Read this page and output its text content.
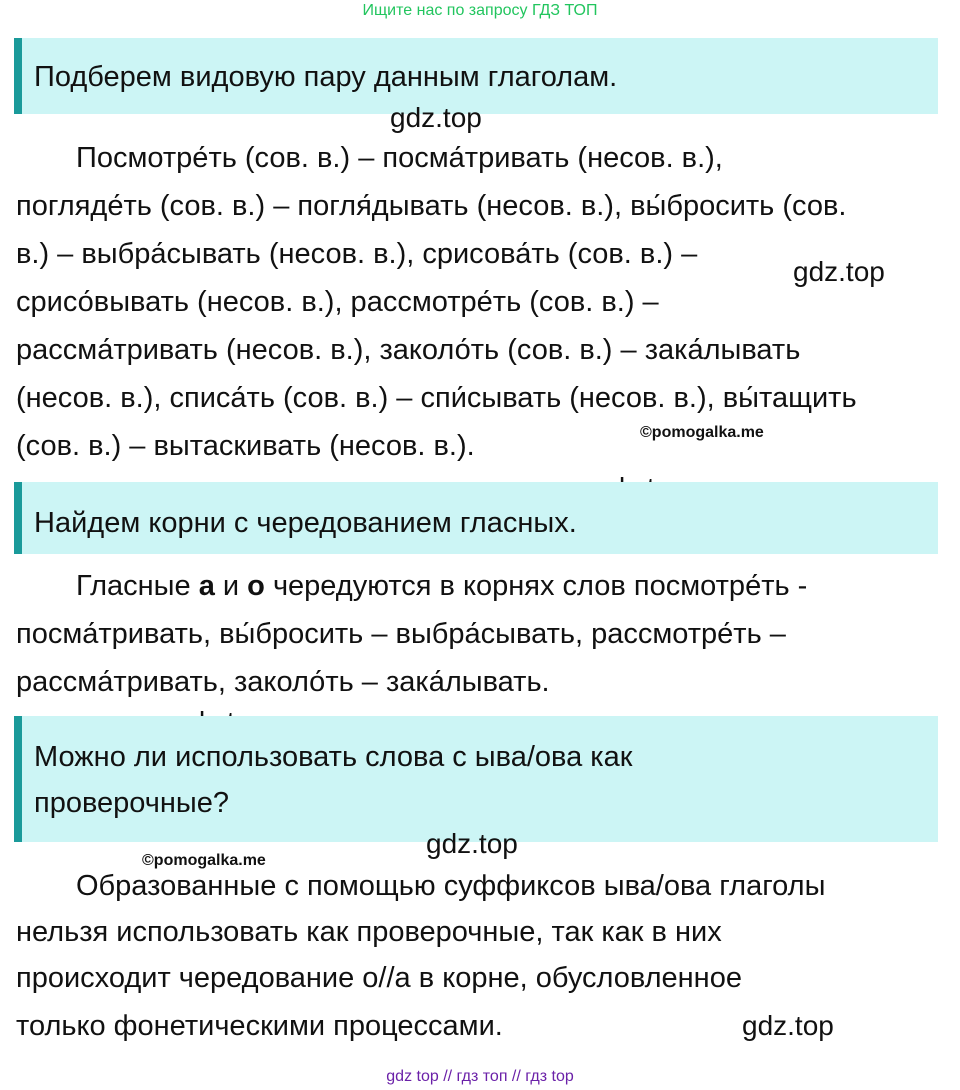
Ищите нас по запросу ГДЗ ТОП
Подберем видовую пару данным глаголам.
gdz.top

Посмотре́ть (сов. в.) – посма́тривать (несов. в.),

погляде́ть (сов. в.) – погля́дывать (несов. в.), вы́бросить (сов.

в.) – выбра́сывать (несов. в.), срисова́ть (сов. в.) –

срисо́вывать (несов. в.), рассмотре́ть (сов. в.) –

рассма́тривать (несов. в.), заколо́ть (сов. в.) – зака́лывать

(несов. в.), списа́ть (сов. в.) – спи́сывать (несов. в.), вы́тащить

(сов. в.) – вытаскивать (несов. в.).

gdz.top
©pomogalka.me
Найдем корни с чередованием гласных.

Гласные а и о чередуются в корнях слов посмотре́ть -

посма́тривать, вы́бросить – выбра́сывать, рассмотре́ть –

рассма́тривать, заколо́ть – зака́лывать.

Можно ли использовать слова с ыва/ова как
проверочные?
gdz.top
©pomogalka.me

Образованные с помощью суффиксов ыва/ова глаголы

нельзя использовать как проверочные, так как в них

происходит чередование о//а в корне, обусловленное

только фонетическими процессами.	gdz.top
gdz top // гдз топ // гдз top
